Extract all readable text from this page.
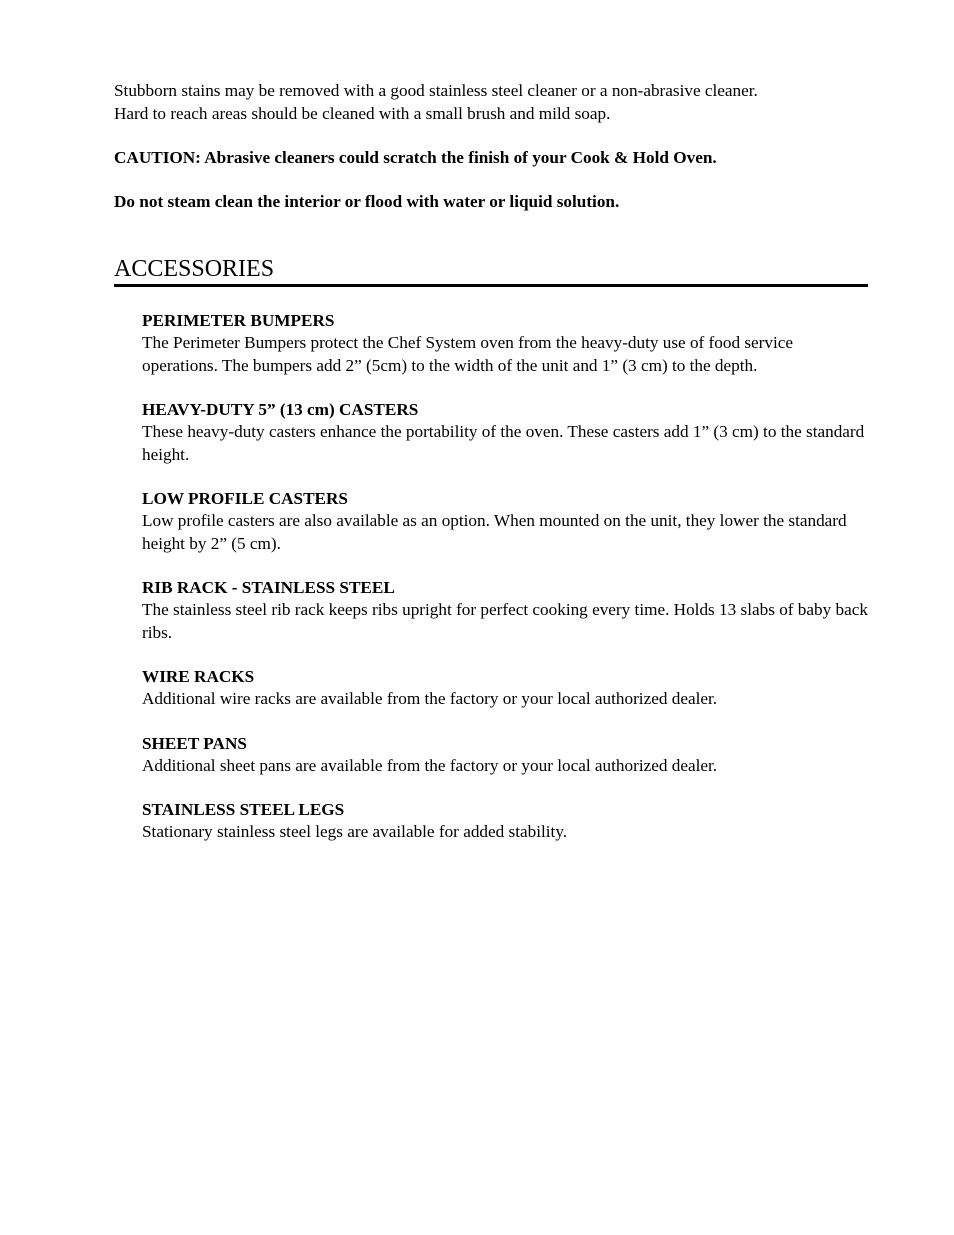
Stubborn stains may be removed with a good stainless steel cleaner or a non-abrasive cleaner.
Hard to reach areas should be cleaned with a small brush and mild soap.

CAUTION: Abrasive cleaners could scratch the finish of your Cook & Hold Oven.

Do not steam clean the interior or flood with water or liquid solution.

ACCESSORIES
PERIMETER BUMPERS
The Perimeter Bumpers protect the Chef System oven from the heavy-duty use of food service operations. The bumpers add 2” (5cm) to the width of the unit and 1” (3 cm) to the depth.
HEAVY-DUTY 5” (13 cm) CASTERS
These heavy-duty casters enhance the portability of the oven. These casters add 1” (3 cm) to the standard height.
LOW PROFILE CASTERS
Low profile casters are also available as an option. When mounted on the unit, they lower the standard height by 2” (5 cm).
RIB RACK - STAINLESS STEEL
The stainless steel rib rack keeps ribs upright for perfect cooking every time. Holds 13 slabs of baby back ribs.
WIRE RACKS
Additional wire racks are available from the factory or your local authorized dealer.
SHEET PANS
Additional sheet pans are available from the factory or your local authorized dealer.
STAINLESS STEEL LEGS
Stationary stainless steel legs are available for added stability.
